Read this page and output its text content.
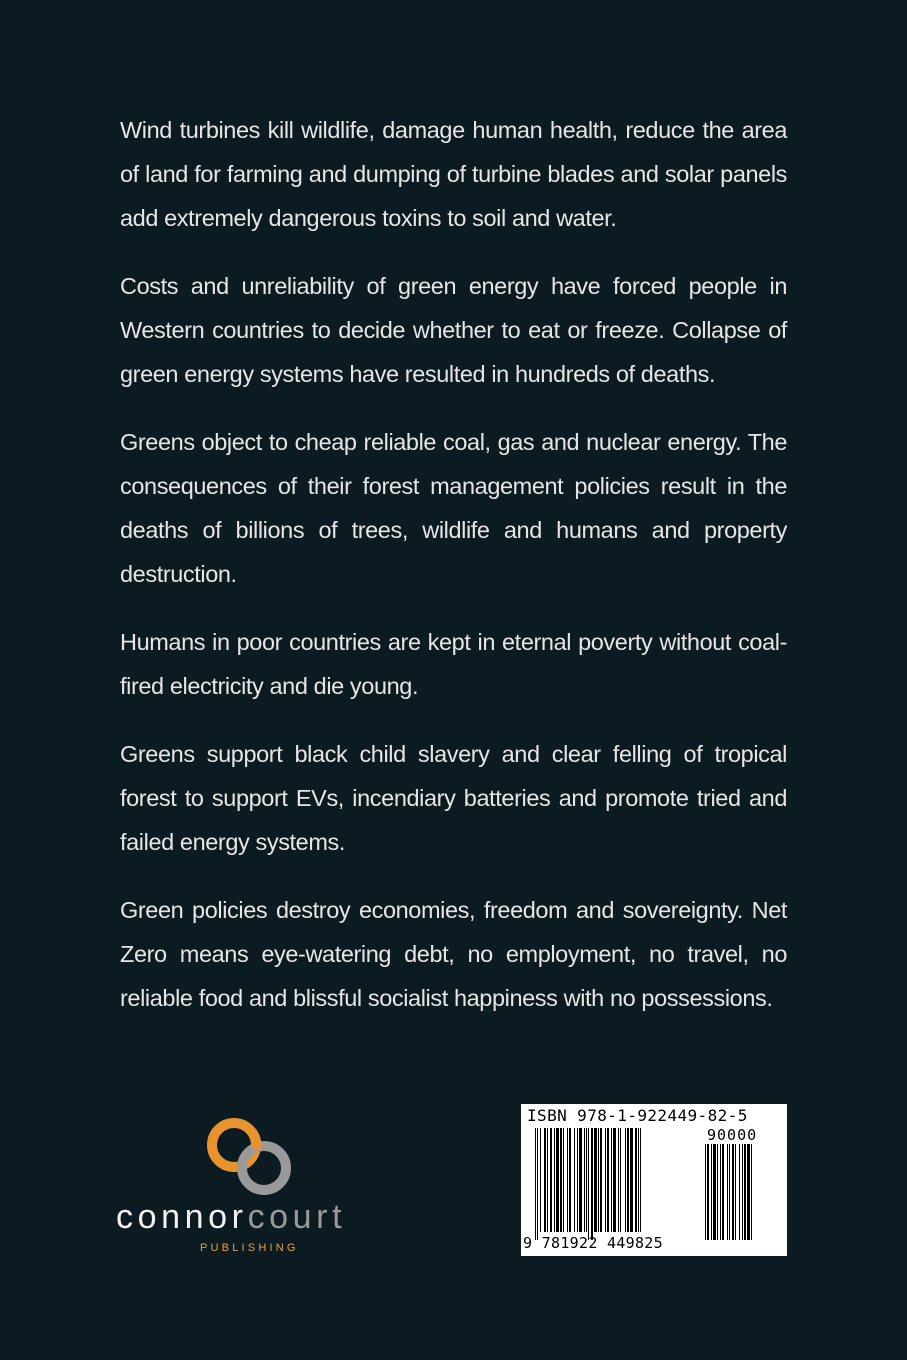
Wind turbines kill wildlife, damage human health, reduce the area of land for farming and dumping of turbine blades and solar panels add extremely dangerous toxins to soil and water.

Costs and unreliability of green energy have forced people in Western countries to decide whether to eat or freeze. Collapse of green energy systems have resulted in hundreds of deaths.

Greens object to cheap reliable coal, gas and nuclear energy. The consequences of their forest management policies result in the deaths of billions of trees, wildlife and humans and property destruction.

Humans in poor countries are kept in eternal poverty without coal-fired electricity and die young.

Greens support black child slavery and clear felling of tropical forest to support EVs, incendiary batteries and promote tried and failed energy systems.

Green policies destroy economies, freedom and sovereignty. Net Zero means eye-watering debt, no employment, no travel, no reliable food and blissful socialist happiness with no possessions.

connorcourt
PUBLISHING
ISBN 978-1-922449-82-5
90000
9 781922 449825
